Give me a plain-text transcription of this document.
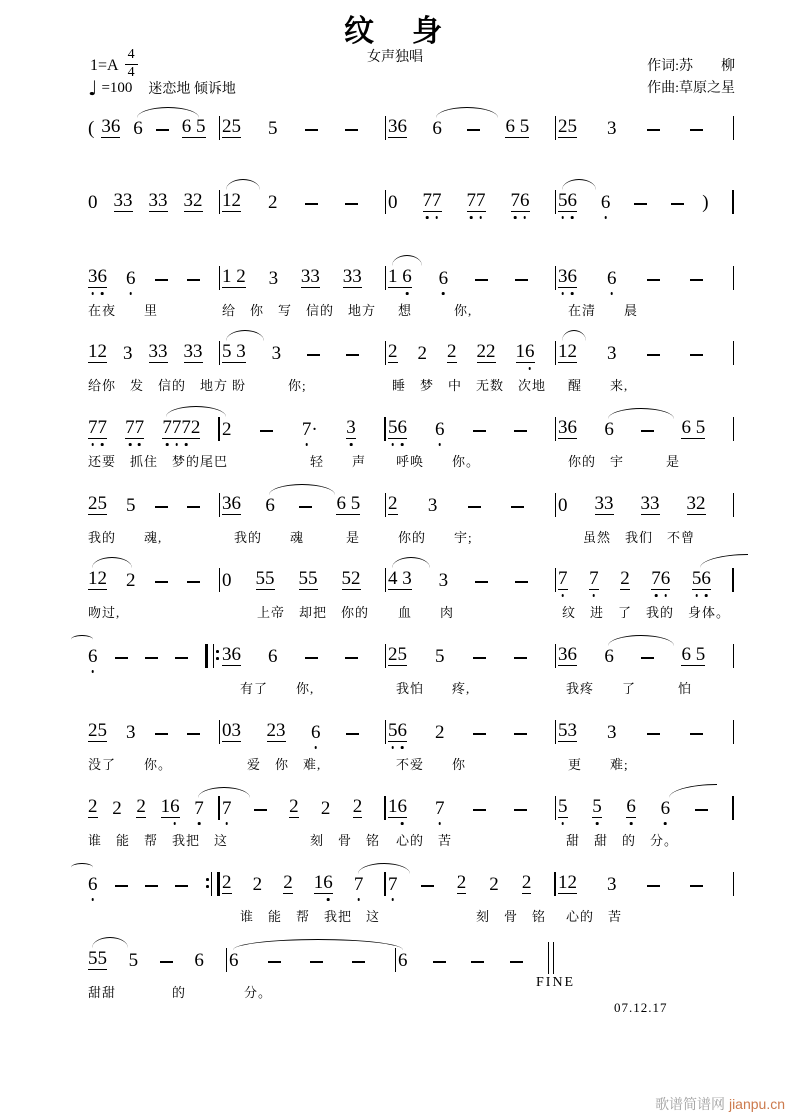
纹　身
女声独唱
$1=A \frac{4}{4}$
♩ =100 迷恋地 倾诉地
作词:苏　　柳
作曲:草原之星
( 36 6 6 5 25 5	36 6	6 5 25 3
0 33 33 32 12 2	0 77 77 76 56 6	)
36 6
在夜　　里
1 2 3 33 33
给　你　写　信的　地方
1 6 6
想　　　你,
36 6
在清　　晨
12 3 33 33
给你　发　信的　地方
5 3 3
盼　　　你;
2 2 2 22 16
睡　梦　中　无数　次地
12 3
醒　　来,
77 77 7772
还要　抓住　梦的尾巴
2	7· 3
轻　　声
56 6
呼唤　　你。
36 6	6 5
你的　宇　　　是
25 5
我的　　魂,
36 6	6 5
我的　　魂　　　是
2 3
你的　　宇;
0 33 33 32
虽然　我们　不曾
12 2
吻过,
0 55 55 52
上帝　却把　你的
4 3 3
血　　肉
7 7 2 76 56
纹　进　了　我的　身体。
6	36 6
有了　　你,
25 5
我怕　　疼,
36 6	6 5
我疼　　了　　　怕
25 3
没了　　你。
03 23 6
爱　你　难,
56 2
不爱　　你
53 3
更　　难;
2 2 2 16 7
谁　能　帮　我把　这
7	2 2 2
刻　骨　铭
16 7
心的　苦
5 5 6 6
甜　甜　的　分。
6	2 2 2 16 7
谁　能　帮　我把　这
7	2 2 2
刻　骨　铭
12 3
心的　苦
55 5	6
甜甜　　　　的
6
分。
6
FINE
07.12.17
歌谱简谱网 jianpu.cn
